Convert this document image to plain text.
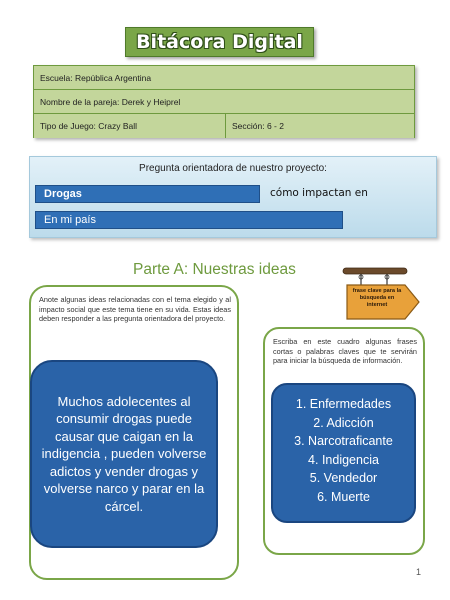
Bitácora Digital
Escuela: República Argentina
Nombre de la pareja: Derek y Heiprel
Tipo de Juego: Crazy Ball	Sección: 6 - 2
Pregunta orientadora de nuestro proyecto:
Drogas	cómo impactan en
En mi país
Parte A: Nuestras ideas
frase clave para la búsqueda en internet
Anote algunas ideas relacionadas con el tema elegido y al impacto social que este tema tiene en su vida. Estas ideas deben responder a las pregunta orientadora del proyecto.
Muchos adolecentes al consumir drogas puede causar que caigan en la indigencia , pueden volverse adictos y vender drogas y volverse narco y parar en la cárcel.
Escriba en este cuadro algunas frases cortas o palabras claves que te servirán para iniciar la búsqueda de información.
1. Enfermedades
2. Adicción
3. Narcotraficante
4. Indigencia
5. Vendedor
6. Muerte
1
